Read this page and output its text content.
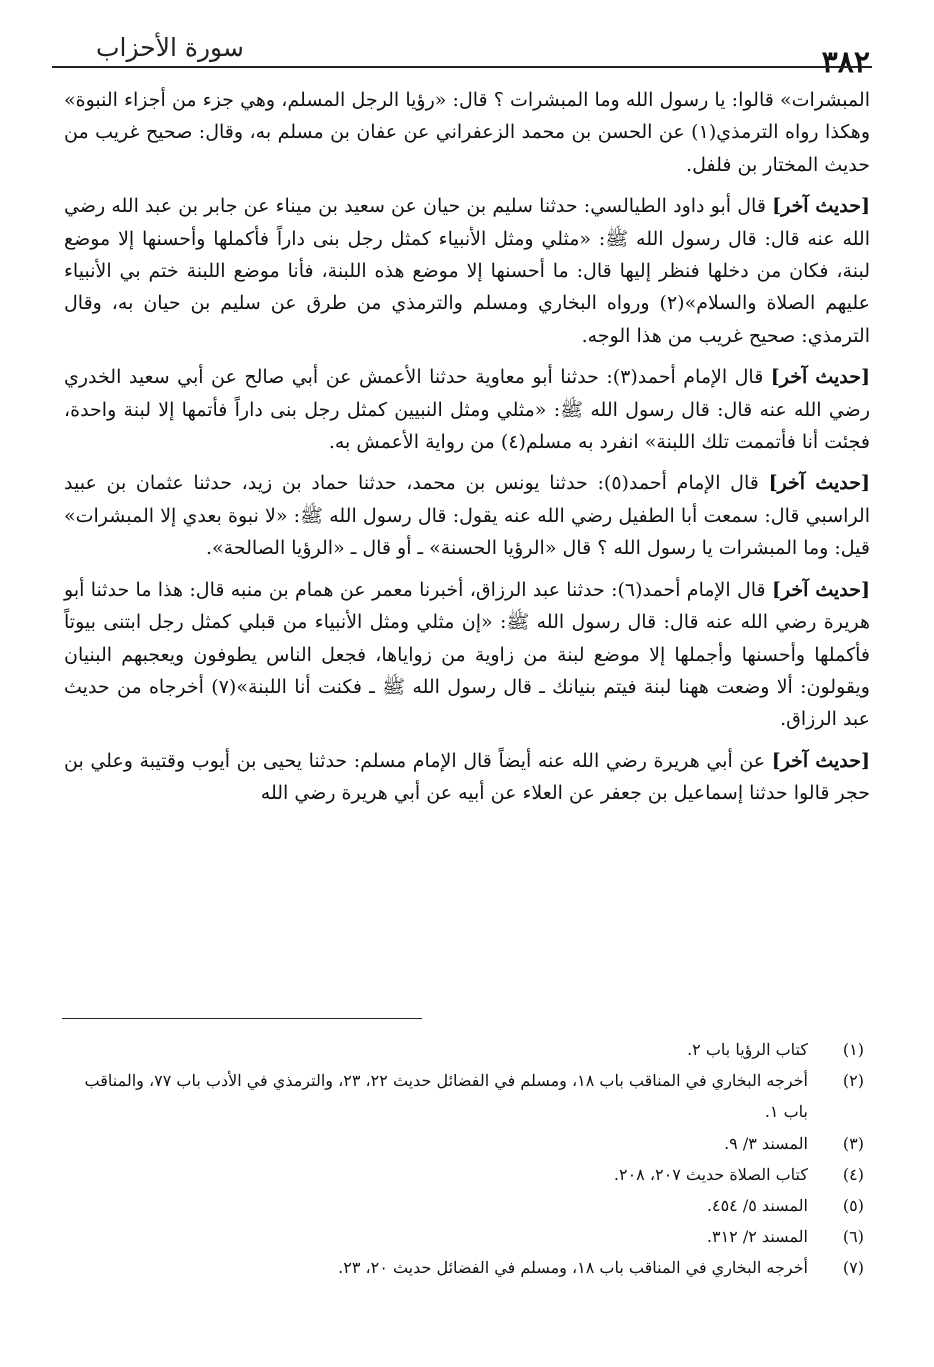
سورة الأحزاب	٣٨٢

المبشرات» قالوا: يا رسول الله وما المبشرات ؟ قال: «رؤيا الرجل المسلم، وهي جزء من أجزاء النبوة» وهكذا رواه الترمذي(١) عن الحسن بن محمد الزعفراني عن عفان بن مسلم به، وقال: صحيح غريب من حديث المختار بن فلفل.

[حديث آخر] قال أبو داود الطيالسي: حدثنا سليم بن حيان عن سعيد بن ميناء عن جابر بن عبد الله رضي الله عنه قال: قال رسول الله ﷺ: «مثلي ومثل الأنبياء كمثل رجل بنى داراً فأكملها وأحسنها إلا موضع لبنة، فكان من دخلها فنظر إليها قال: ما أحسنها إلا موضع هذه اللبنة، فأنا موضع اللبنة ختم بي الأنبياء عليهم الصلاة والسلام»(٢) ورواه البخاري ومسلم والترمذي من طرق عن سليم بن حيان به، وقال الترمذي: صحيح غريب من هذا الوجه.

[حديث آخر] قال الإمام أحمد(٣): حدثنا أبو معاوية حدثنا الأعمش عن أبي صالح عن أبي سعيد الخدري رضي الله عنه قال: قال رسول الله ﷺ: «مثلي ومثل النبيين كمثل رجل بنى داراً فأتمها إلا لبنة واحدة، فجئت أنا فأتممت تلك اللبنة» انفرد به مسلم(٤) من رواية الأعمش به.

[حديث آخر] قال الإمام أحمد(٥): حدثنا يونس بن محمد، حدثنا حماد بن زيد، حدثنا عثمان بن عبيد الراسبي قال: سمعت أبا الطفيل رضي الله عنه يقول: قال رسول الله ﷺ: «لا نبوة بعدي إلا المبشرات» قيل: وما المبشرات يا رسول الله ؟ قال «الرؤيا الحسنة» ـ أو قال ـ «الرؤيا الصالحة».

[حديث آخر] قال الإمام أحمد(٦): حدثنا عبد الرزاق، أخبرنا معمر عن همام بن منبه قال: هذا ما حدثنا أبو هريرة رضي الله عنه قال: قال رسول الله ﷺ: «إن مثلي ومثل الأنبياء من قبلي كمثل رجل ابتنى بيوتاً فأكملها وأحسنها وأجملها إلا موضع لبنة من زاوية من زواياها، فجعل الناس يطوفون ويعجبهم البنيان ويقولون: ألا وضعت ههنا لبنة فيتم بنيانك ـ قال رسول الله ﷺ ـ فكنت أنا اللبنة»(٧) أخرجاه من حديث عبد الرزاق.

[حديث آخر] عن أبي هريرة رضي الله عنه أيضاً قال الإمام مسلم: حدثنا يحيى بن أيوب وقتيبة وعلي بن حجر قالوا حدثنا إسماعيل بن جعفر عن العلاء عن أبيه عن أبي هريرة رضي الله

(١)
كتاب الرؤيا باب ٢.
(٢)
أخرجه البخاري في المناقب باب ١٨، ومسلم في الفضائل حديث ٢٢، ٢٣، والترمذي في الأدب باب ٧٧، والمناقب باب ١.
(٣)
المسند ٣/ ٩.
(٤)
كتاب الصلاة حديث ٢٠٧، ٢٠٨.
(٥)
المسند ٥/ ٤٥٤.
(٦)
المسند ٢/ ٣١٢.
(٧)
أخرجه البخاري في المناقب باب ١٨، ومسلم في الفضائل حديث ٢٠، ٢٣.
